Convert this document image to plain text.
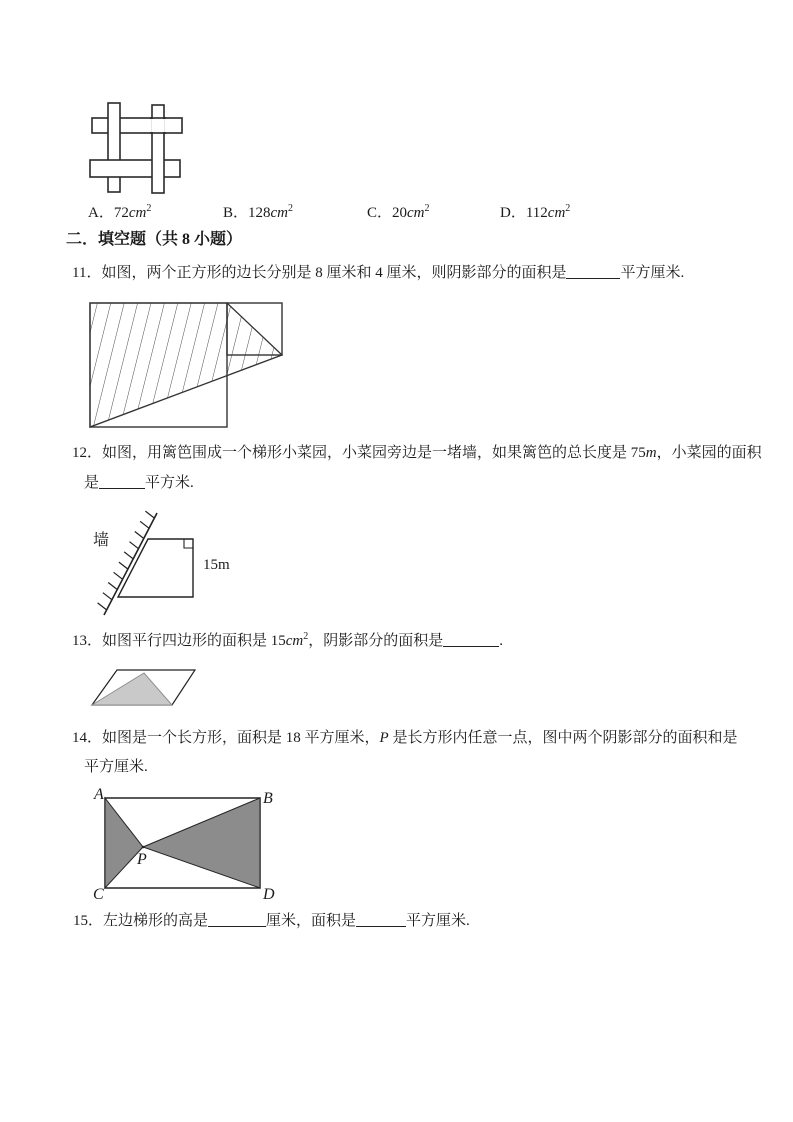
A．$72cm^2$	B．$128cm^2$	C．$20cm^2$	D．$112cm^2$
二．填空题（共 8 小题）
11．如图，两个正方形的边长分别是 8 厘米和 4 厘米，则阴影部分的面积是	平方厘米.
12．如图，用篱笆围成一个梯形小菜园，小菜园旁边是一堵墙，如果篱笆的总长度是 75m，小菜园的面积
是	平方米.
墙
15m
13．如图平行四边形的面积是 $15cm^2$，阴影部分的面积是	.
14．如图是一个长方形，面积是 18 平方厘米，P 是长方形内任意一点，图中两个阴影部分的面积和是
平方厘米.
A	B
C	D
P
15．左边梯形的高是	厘米，面积是	平方厘米.
